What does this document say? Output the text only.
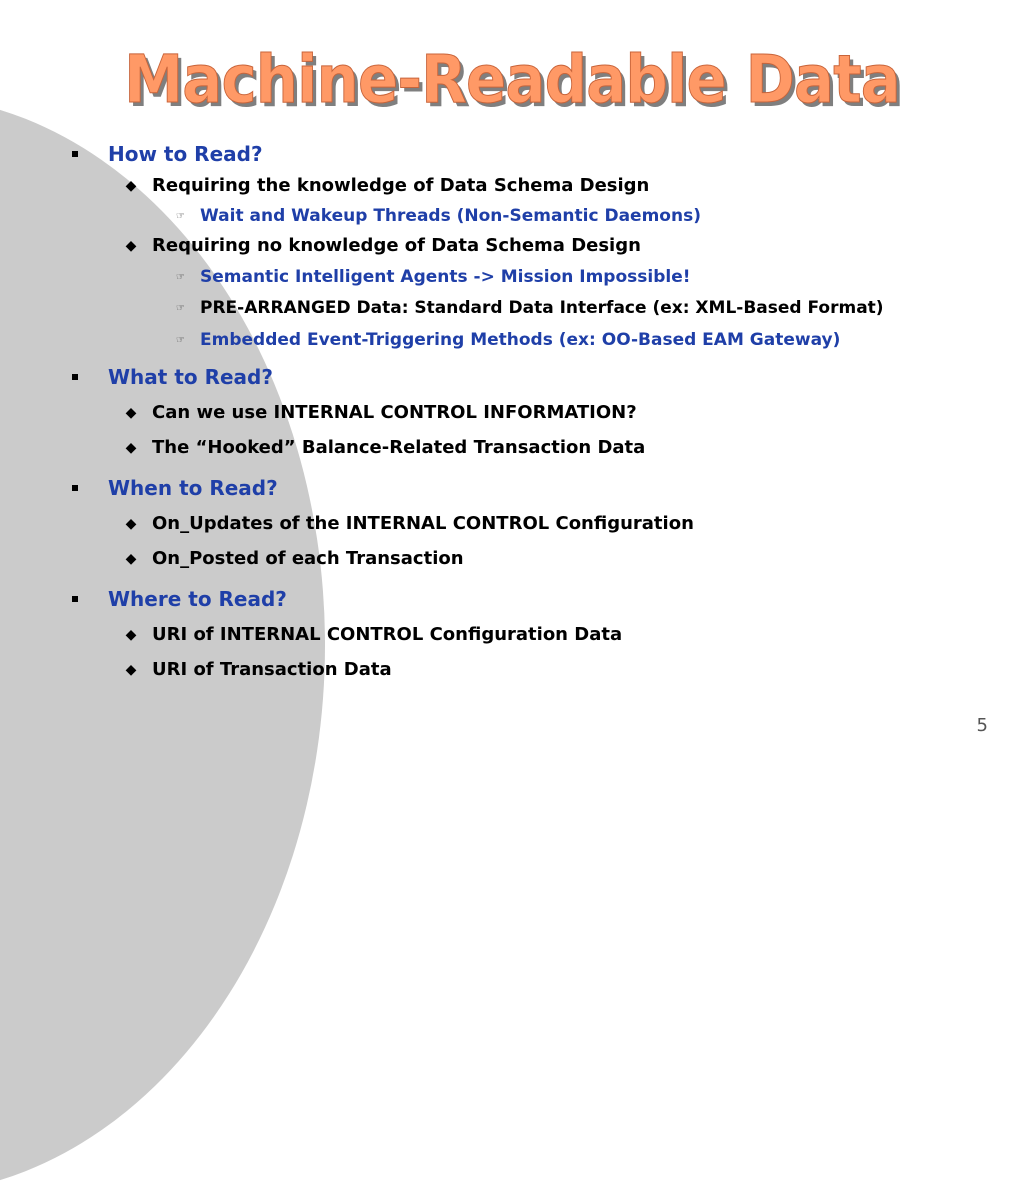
Machine-Readable Data
How to Read?
◆ Requiring the knowledge of Data Schema Design
☞ Wait and Wakeup Threads (Non-Semantic Daemons)
◆ Requiring no knowledge of Data Schema Design
☞ Semantic Intelligent Agents -> Mission Impossible!
☞ PRE-ARRANGED Data: Standard Data Interface (ex: XML-Based Format)
☞ Embedded Event-Triggering Methods (ex: OO-Based EAM Gateway)
What to Read?
◆ Can we use INTERNAL CONTROL INFORMATION?
◆ The “Hooked” Balance-Related Transaction Data
When to Read?
◆ On_Updates of the INTERNAL CONTROL Configuration
◆ On_Posted of each Transaction
Where to Read?
◆ URI of INTERNAL CONTROL Configuration Data
◆ URI of Transaction Data
5
